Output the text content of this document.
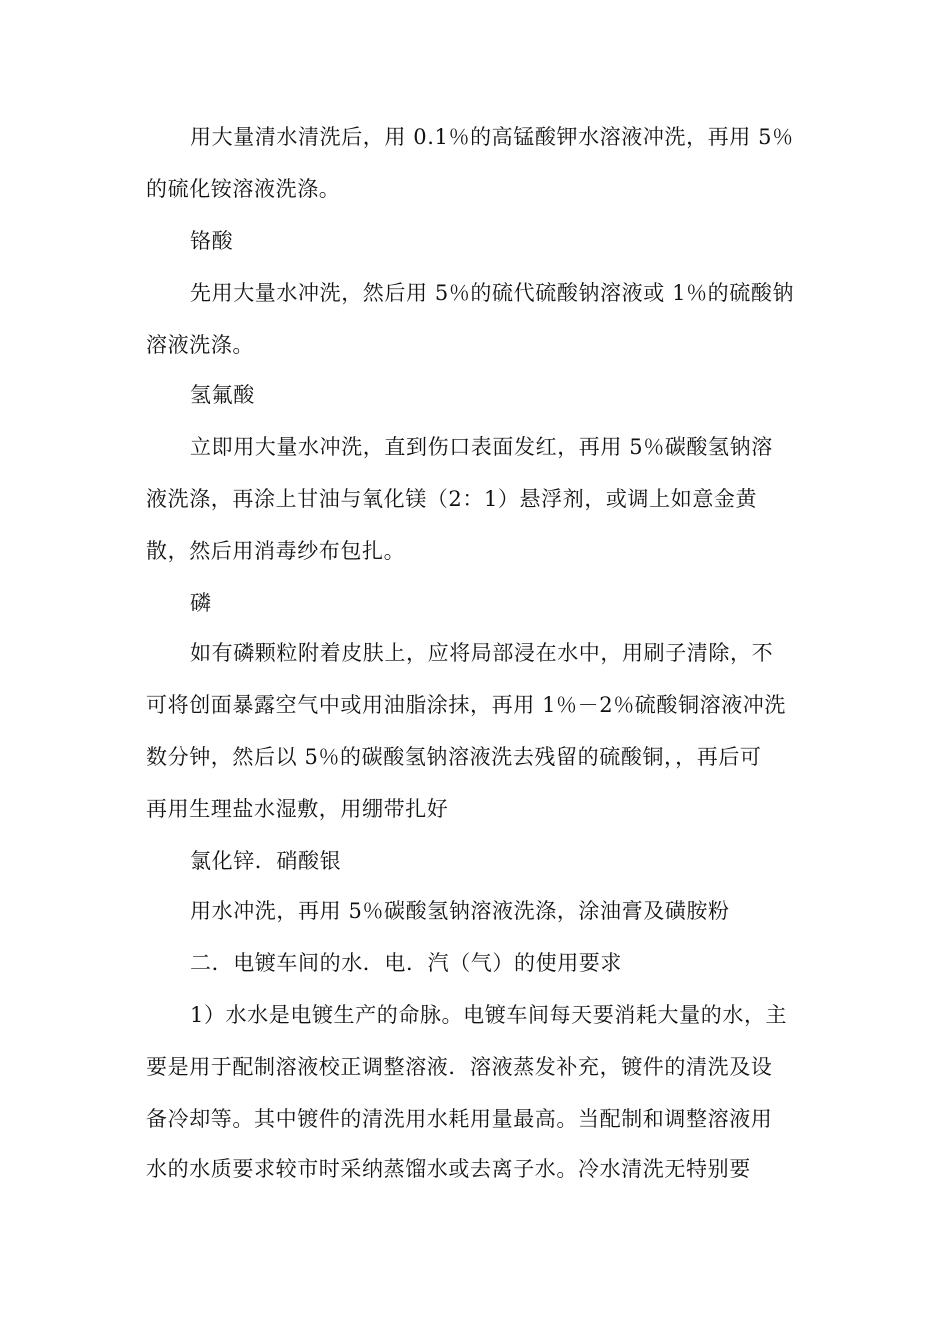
用大量清水清洗后，用 0.1％的高锰酸钾水溶液冲洗，再用 5％
的硫化铵溶液洗涤。
铬酸
先用大量水冲洗，然后用 5％的硫代硫酸钠溶液或 1％的硫酸钠
溶液洗涤。
氢氟酸
立即用大量水冲洗，直到伤口表面发红，再用 5％碳酸氢钠溶
液洗涤，再涂上甘油与氧化镁（2：1）悬浮剂，或调上如意金黄
散，然后用消毒纱布包扎。
磷
如有磷颗粒附着皮肤上，应将局部浸在水中，用刷子清除，不
可将创面暴露空气中或用油脂涂抹，再用 1％－2％硫酸铜溶液冲洗
数分钟，然后以 5％的碳酸氢钠溶液洗去残留的硫酸铜，，再后可
再用生理盐水湿敷，用绷带扎好
氯化锌．硝酸银
用水冲洗，再用 5％碳酸氢钠溶液洗涤，涂油膏及磺胺粉
二．电镀车间的水．电．汽（气）的使用要求
1）水水是电镀生产的命脉。电镀车间每天要消耗大量的水，主
要是用于配制溶液校正调整溶液．溶液蒸发补充，镀件的清洗及设
备冷却等。其中镀件的清洗用水耗用量最高。当配制和调整溶液用
水的水质要求较市时采纳蒸馏水或去离子水。冷水清洗无特别要
